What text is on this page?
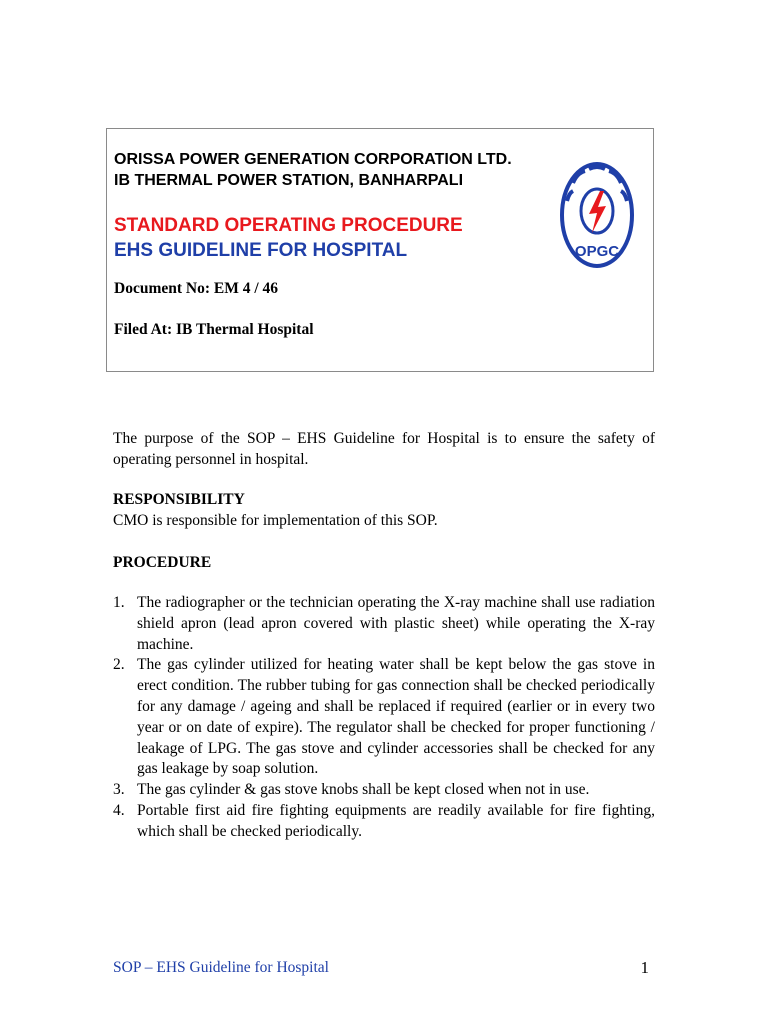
ORISSA POWER GENERATION CORPORATION LTD.
IB THERMAL POWER STATION, BANHARPALI
STANDARD OPERATING PROCEDURE
EHS GUIDELINE FOR HOSPITAL
Document No: EM 4 / 46
Filed At: IB Thermal Hospital
OPGC
The purpose of the SOP – EHS Guideline for Hospital is to ensure the safety of operating personnel in hospital.
RESPONSIBILITY
CMO is responsible for implementation of this SOP.
PROCEDURE
1. The radiographer or the technician operating the X-ray machine shall use radiation shield apron (lead apron covered with plastic sheet) while operating the X-ray machine.
2. The gas cylinder utilized for heating water shall be kept below the gas stove in erect condition. The rubber tubing for gas connection shall be checked periodically for any damage / ageing and shall be replaced if required (earlier or in every two year or on date of expire). The regulator shall be checked for proper functioning / leakage of LPG. The gas stove and cylinder accessories shall be checked for any gas leakage by soap solution.
3. The gas cylinder & gas stove knobs shall be kept closed when not in use.
4. Portable first aid fire fighting equipments are readily available for fire fighting, which shall be checked periodically.
SOP – EHS Guideline for Hospital	1
